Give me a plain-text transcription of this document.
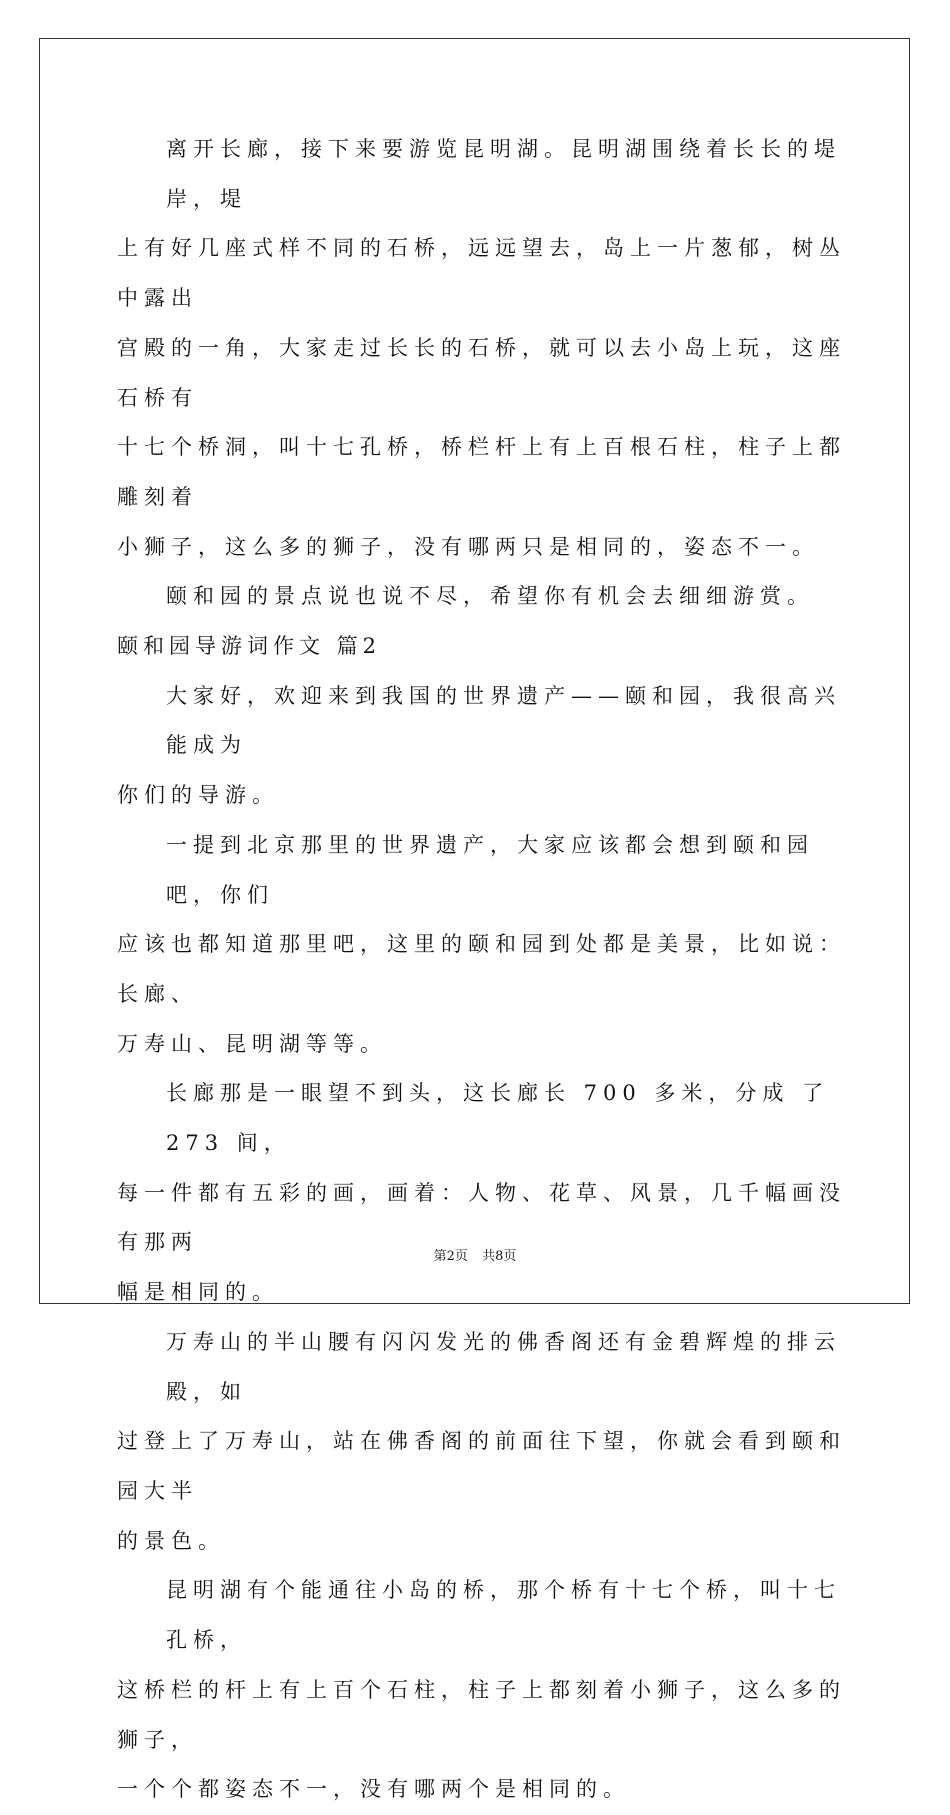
离开长廊，接下来要游览昆明湖。昆明湖围绕着长长的堤岸，堤
上有好几座式样不同的石桥，远远望去，岛上一片葱郁，树丛中露出
宫殿的一角，大家走过长长的石桥，就可以去小岛上玩，这座石桥有
十七个桥洞，叫十七孔桥，桥栏杆上有上百根石柱，柱子上都雕刻着
小狮子，这么多的狮子，没有哪两只是相同的，姿态不一。
颐和园的景点说也说不尽，希望你有机会去细细游赏。
颐和园导游词作文 篇2
大家好，欢迎来到我国的世界遗产——颐和园，我很高兴能成为
你们的导游。
一提到北京那里的世界遗产，大家应该都会想到颐和园吧，你们
应该也都知道那里吧，这里的颐和园到处都是美景，比如说：长廊、
万寿山、昆明湖等等。
长廊那是一眼望不到头，这长廊长 700 多米，分成 了 273 间，
每一件都有五彩的画，画着：人物、花草、风景，几千幅画没有那两
幅是相同的。
万寿山的半山腰有闪闪发光的佛香阁还有金碧辉煌的排云殿，如
过登上了万寿山，站在佛香阁的前面往下望，你就会看到颐和园大半
的景色。
昆明湖有个能通往小岛的桥，那个桥有十七个桥，叫十七孔桥，
这桥栏的杆上有上百个石柱，柱子上都刻着小狮子，这么多的狮子，
一个个都姿态不一，没有哪两个是相同的。
第2页 共8页
